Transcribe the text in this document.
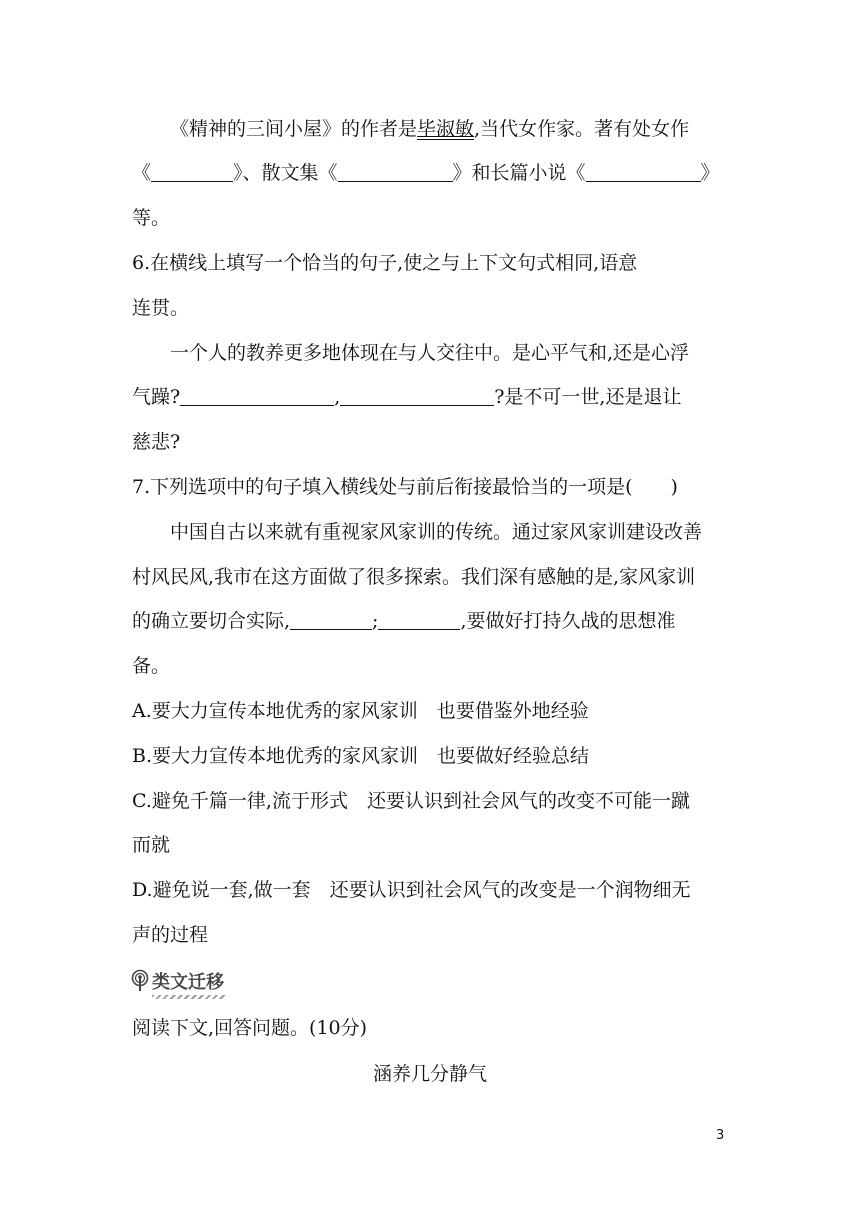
《精神的三间小屋》的作者是毕淑敏,当代女作家。著有处女作
《	》、散文集《	》和长篇小说《	》
等。
6.在横线上填写一个恰当的句子,使之与上下文句式相同,语意
连贯。
一个人的教养更多地体现在与人交往中。是心平气和,还是心浮
气躁?	,	?是不可一世,还是退让
慈悲?
7.下列选项中的句子填入横线处与前后衔接最恰当的一项是(　　)
中国自古以来就有重视家风家训的传统。通过家风家训建设改善
村风民风,我市在这方面做了很多探索。我们深有感触的是,家风家训
的确立要切合实际,	;	,要做好打持久战的思想准
备。
A.要大力宣传本地优秀的家风家训　也要借鉴外地经验
B.要大力宣传本地优秀的家风家训　也要做好经验总结
C.避免千篇一律,流于形式　还要认识到社会风气的改变不可能一蹴
而就
D.避免说一套,做一套　还要认识到社会风气的改变是一个润物细无
声的过程
类文迁移
阅读下文,回答问题。(10分)
涵养几分静气
3
